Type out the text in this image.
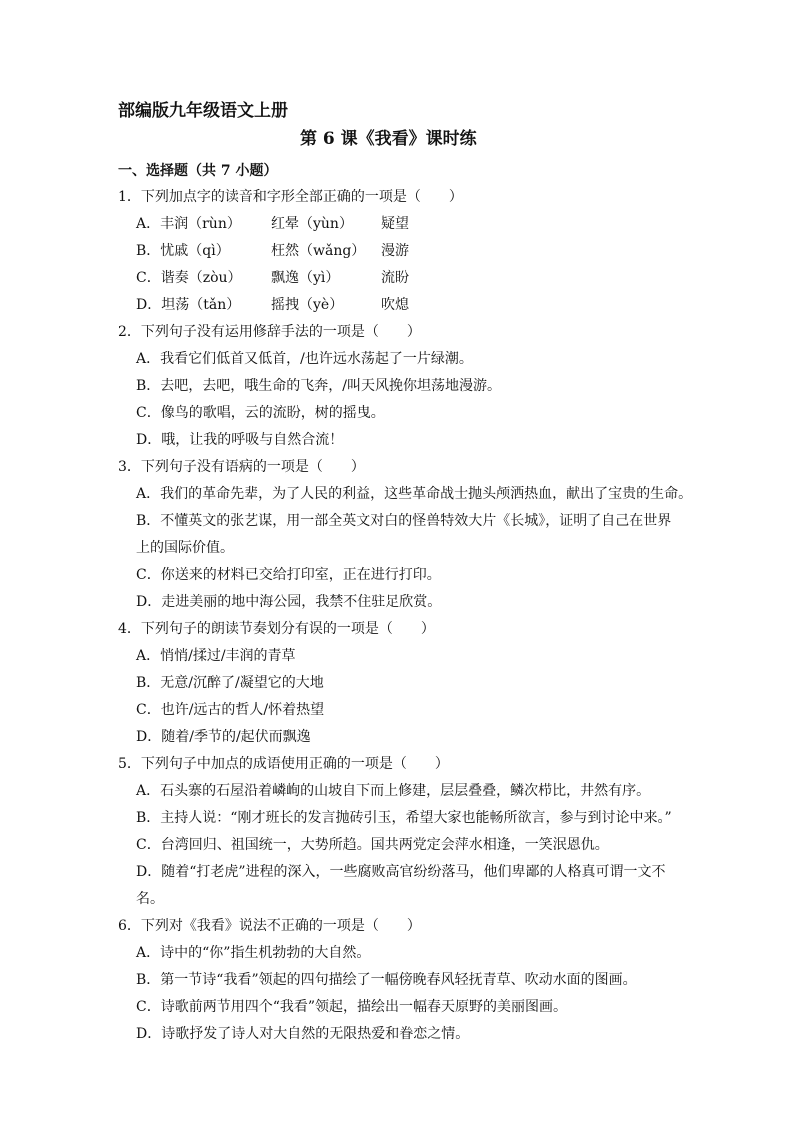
部编版九年级语文上册
第 6 课《我看》课时练
一、选择题（共 7 小题）
1．下列加点字的读音和字形全部正确的一项是（　　）
A．丰润（rùn） 红晕（yùn） 疑望
B．忧戚（qì）	枉然（wǎng） 漫游
C．谐奏（zòu） 飘逸（yì）	流盼
D．坦荡（tǎn） 摇拽（yè）	吹熄
2．下列句子没有运用修辞手法的一项是（　　）
A．我看它们低首又低首，/也许远水荡起了一片绿潮。
B．去吧，去吧，哦生命的飞奔，/叫天风挽你坦荡地漫游。
C．像鸟的歌唱，云的流盼，树的摇曳。
D．哦，让我的呼吸与自然合流！
3．下列句子没有语病的一项是（　　）
A．我们的革命先辈，为了人民的利益，这些革命战士抛头颅洒热血，献出了宝贵的生命。
B．不懂英文的张艺谋，用一部全英文对白的怪兽特效大片《长城》，证明了自己在世界上的国际价值。
C．你送来的材料已交给打印室，正在进行打印。
D．走进美丽的地中海公园，我禁不住驻足欣赏。
4．下列句子的朗读节奏划分有误的一项是（　　）
A．悄悄/揉过/丰润的青草
B．无意/沉醉了/凝望它的大地
C．也许/远古的哲人/怀着热望
D．随着/季节的/起伏而飘逸
5．下列句子中加点的成语使用正确的一项是（　　）
A．石头寨的石屋沿着嶙峋的山坡自下而上修建，层层叠叠，鳞次栉比，井然有序。
B．主持人说：“刚才班长的发言抛砖引玉，希望大家也能畅所欲言，参与到讨论中来。”
C．台湾回归、祖国统一，大势所趋。国共两党定会萍水相逢，一笑泯恩仇。
D．随着“打老虎”进程的深入，一些腐败高官纷纷落马，他们卑鄙的人格真可谓一文不名。
6．下列对《我看》说法不正确的一项是（　　）
A．诗中的“你”指生机勃勃的大自然。
B．第一节诗“我看”领起的四句描绘了一幅傍晚春风轻抚青草、吹动水面的图画。
C．诗歌前两节用四个“我看”领起，描绘出一幅春天原野的美丽图画。
D．诗歌抒发了诗人对大自然的无限热爱和眷恋之情。
